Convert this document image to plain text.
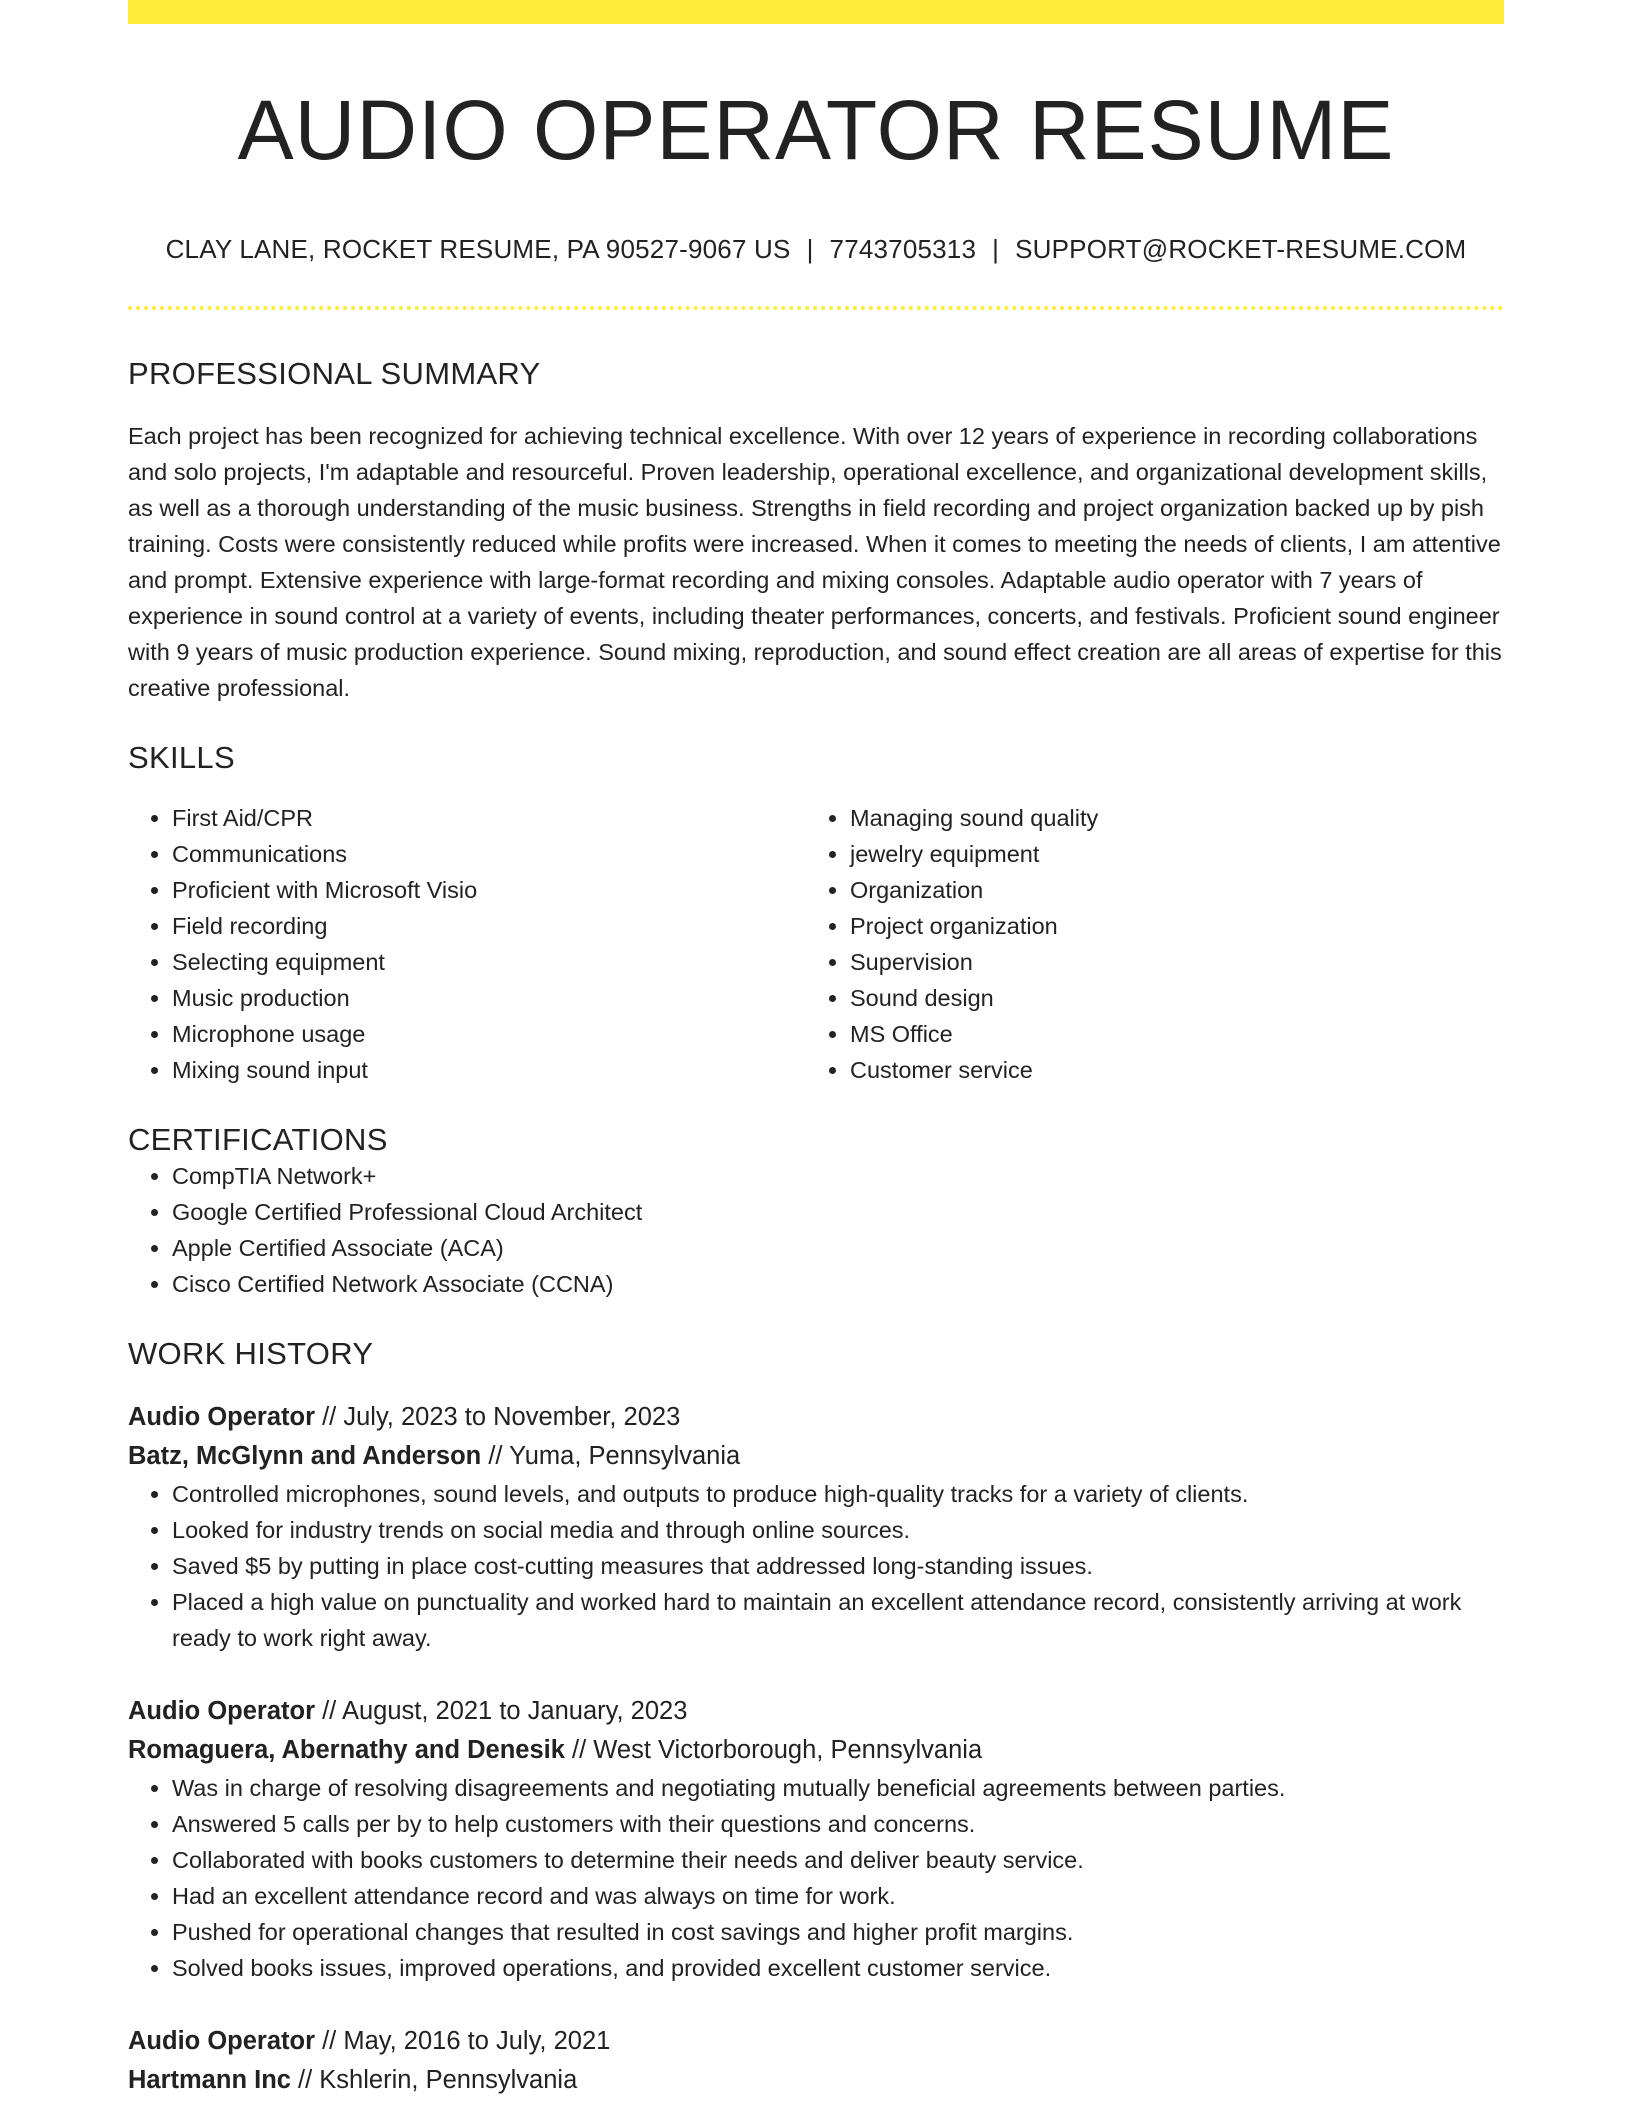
AUDIO OPERATOR RESUME
CLAY LANE, ROCKET RESUME, PA 90527-9067 US | 7743705313 | SUPPORT@ROCKET-RESUME.COM
PROFESSIONAL SUMMARY

Each project has been recognized for achieving technical excellence. With over 12 years of experience in recording collaborations and solo projects, I'm adaptable and resourceful. Proven leadership, operational excellence, and organizational development skills, as well as a thorough understanding of the music business. Strengths in field recording and project organization backed up by pish training. Costs were consistently reduced while profits were increased. When it comes to meeting the needs of clients, I am attentive and prompt. Extensive experience with large-format recording and mixing consoles. Adaptable audio operator with 7 years of experience in sound control at a variety of events, including theater performances, concerts, and festivals. Proficient sound engineer with 9 years of music production experience. Sound mixing, reproduction, and sound effect creation are all areas of expertise for this creative professional.

SKILLS
• First Aid/CPR
• Communications
• Proficient with Microsoft Visio
• Field recording
• Selecting equipment
• Music production
• Microphone usage
• Mixing sound input
• Managing sound quality
• jewelry equipment
• Organization
• Project organization
• Supervision
• Sound design
• MS Office
• Customer service
CERTIFICATIONS
• CompTIA Network+
• Google Certified Professional Cloud Architect
• Apple Certified Associate (ACA)
• Cisco Certified Network Associate (CCNA)
WORK HISTORY
Audio Operator // July, 2023 to November, 2023
Batz, McGlynn and Anderson // Yuma, Pennsylvania
• Controlled microphones, sound levels, and outputs to produce high-quality tracks for a variety of clients.
• Looked for industry trends on social media and through online sources.
• Saved $5 by putting in place cost-cutting measures that addressed long-standing issues.
• Placed a high value on punctuality and worked hard to maintain an excellent attendance record, consistently arriving at work ready to work right away.
Audio Operator // August, 2021 to January, 2023
Romaguera, Abernathy and Denesik // West Victorborough, Pennsylvania
• Was in charge of resolving disagreements and negotiating mutually beneficial agreements between parties.
• Answered 5 calls per by to help customers with their questions and concerns.
• Collaborated with books customers to determine their needs and deliver beauty service.
• Had an excellent attendance record and was always on time for work.
• Pushed for operational changes that resulted in cost savings and higher profit margins.
• Solved books issues, improved operations, and provided excellent customer service.
Audio Operator // May, 2016 to July, 2021
Hartmann Inc // Kshlerin, Pennsylvania
